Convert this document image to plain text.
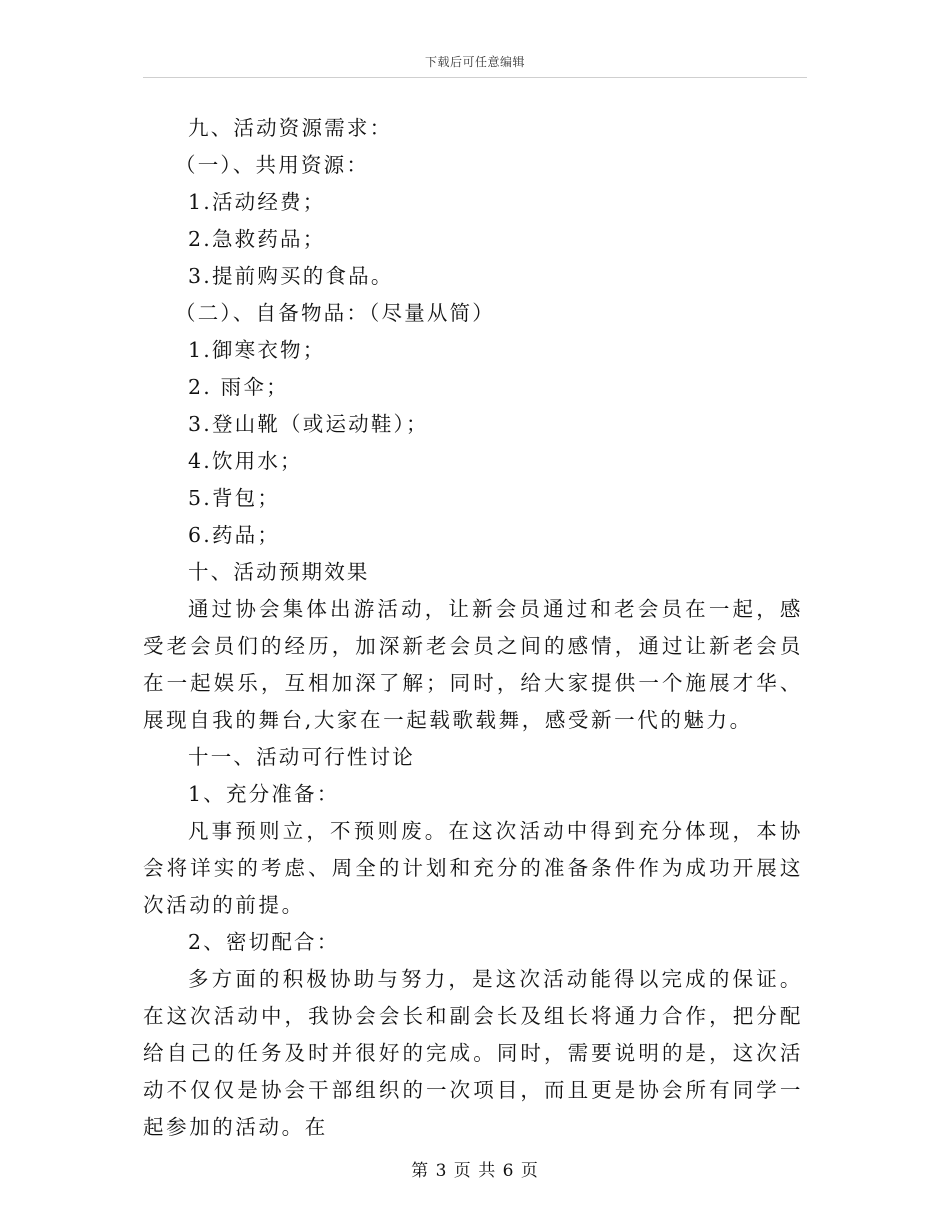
下载后可任意编辑
九、活动资源需求：
（一）、共用资源：
1.活动经费；
2.急救药品；
3.提前购买的食品。
（二）、自备物品：（尽量从简）
1.御寒衣物；
2. 雨伞；
3.登山靴（或运动鞋）；
4.饮用水；
5.背包；
6.药品；
十、活动预期效果
通过协会集体出游活动，让新会员通过和老会员在一起，感受老会员们的经历，加深新老会员之间的感情，通过让新老会员在一起娱乐，互相加深了解；同时，给大家提供一个施展才华、展现自我的舞台,大家在一起载歌载舞，感受新一代的魅力。
十一、活动可行性讨论
1、充分准备：
凡事预则立，不预则废。在这次活动中得到充分体现，本协会将详实的考虑、周全的计划和充分的准备条件作为成功开展这次活动的前提。
2、密切配合：
多方面的积极协助与努力，是这次活动能得以完成的保证。在这次活动中，我协会会长和副会长及组长将通力合作，把分配给自己的任务及时并很好的完成。同时，需要说明的是，这次活动不仅仅是协会干部组织的一次项目，而且更是协会所有同学一起参加的活动。在
第 3 页 共 6 页
